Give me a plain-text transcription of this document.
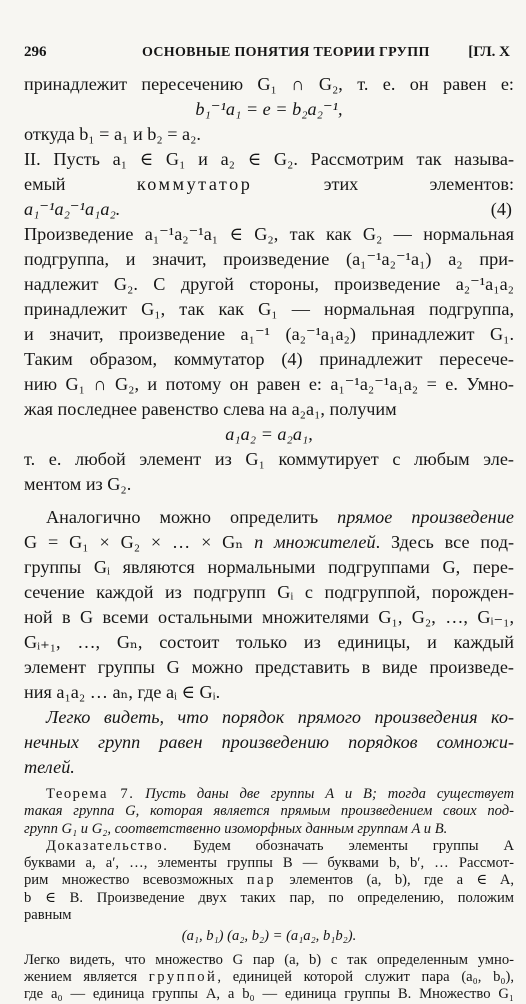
296	ОСНОВНЫЕ ПОНЯТИЯ ТЕОРИИ ГРУПП	[ГЛ. X
принадлежит пересечению G₁ ∩ G₂, т. е. он равен e:
b₁⁻¹a₁ = e = b₂a₂⁻¹,
откуда b₁ = a₁ и b₂ = a₂.
II. Пусть a₁ ∈ G₁ и a₂ ∈ G₂. Рассмотрим так называ-
емый	коммутатор	этих элементов:
a₁⁻¹a₂⁻¹a₁a₂.	(4)
Произведение a₁⁻¹a₂⁻¹a₁ ∈ G₂, так как G₂ — нормальная
подгруппа, и значит, произведение (a₁⁻¹a₂⁻¹a₁) a₂ при-
надлежит G₂. С другой стороны, произведение a₂⁻¹a₁a₂
принадлежит G₁, так как G₁ — нормальная подгруппа,
и значит, произведение a₁⁻¹ (a₂⁻¹a₁a₂) принадлежит G₁.
Таким образом, коммутатор (4) принадлежит пересече-
нию G₁ ∩ G₂, и потому он равен e: a₁⁻¹a₂⁻¹a₁a₂ = e. Умно-
жая последнее равенство слева на a₂a₁, получим
a₁a₂ = a₂a₁,
т. е. любой элемент из G₁ коммутирует с любым эле-
ментом из G₂.
Аналогично можно определить прямое произведение
G = G₁ × G₂ × … × Gₙ n множителей. Здесь все под-
группы Gᵢ являются нормальными подгруппами G, пере-
сечение каждой из подгрупп Gᵢ с подгруппой, порожден-
ной в G всеми остальными множителями G₁, G₂, …, Gᵢ₋₁,
Gᵢ₊₁, …, Gₙ, состоит только из единицы, и каждый
элемент группы G можно представить в виде произведе-
ния a₁a₂ … aₙ, где aᵢ ∈ Gᵢ.
Легко видеть, что порядок прямого произведения ко-
нечных групп равен произведению порядков сомножи-
телей.
Теорема 7. Пусть даны две группы A и B; тогда существует
такая группа G, которая является прямым произведением своих под-
групп G₁ и G₂, соответственно изоморфных данным группам A и B.
Доказательство. Будем обозначать элементы группы A
буквами a, a′, …, элементы группы B — буквами b, b′, … Рассмот-
рим множество всевозможных пар элементов (a, b), где a ∈ A,
b ∈ B. Произведение двух таких пар, по определению, положим
равным
(a₁, b₁) (a₂, b₂) = (a₁a₂, b₁b₂).
Легко видеть, что множество G пар (a, b) с так определенным умно-
жением является группой, единицей которой служит пара (a₀, b₀),
где a₀ — единица группы A, а b₀ — единица группы B. Множество G₁
